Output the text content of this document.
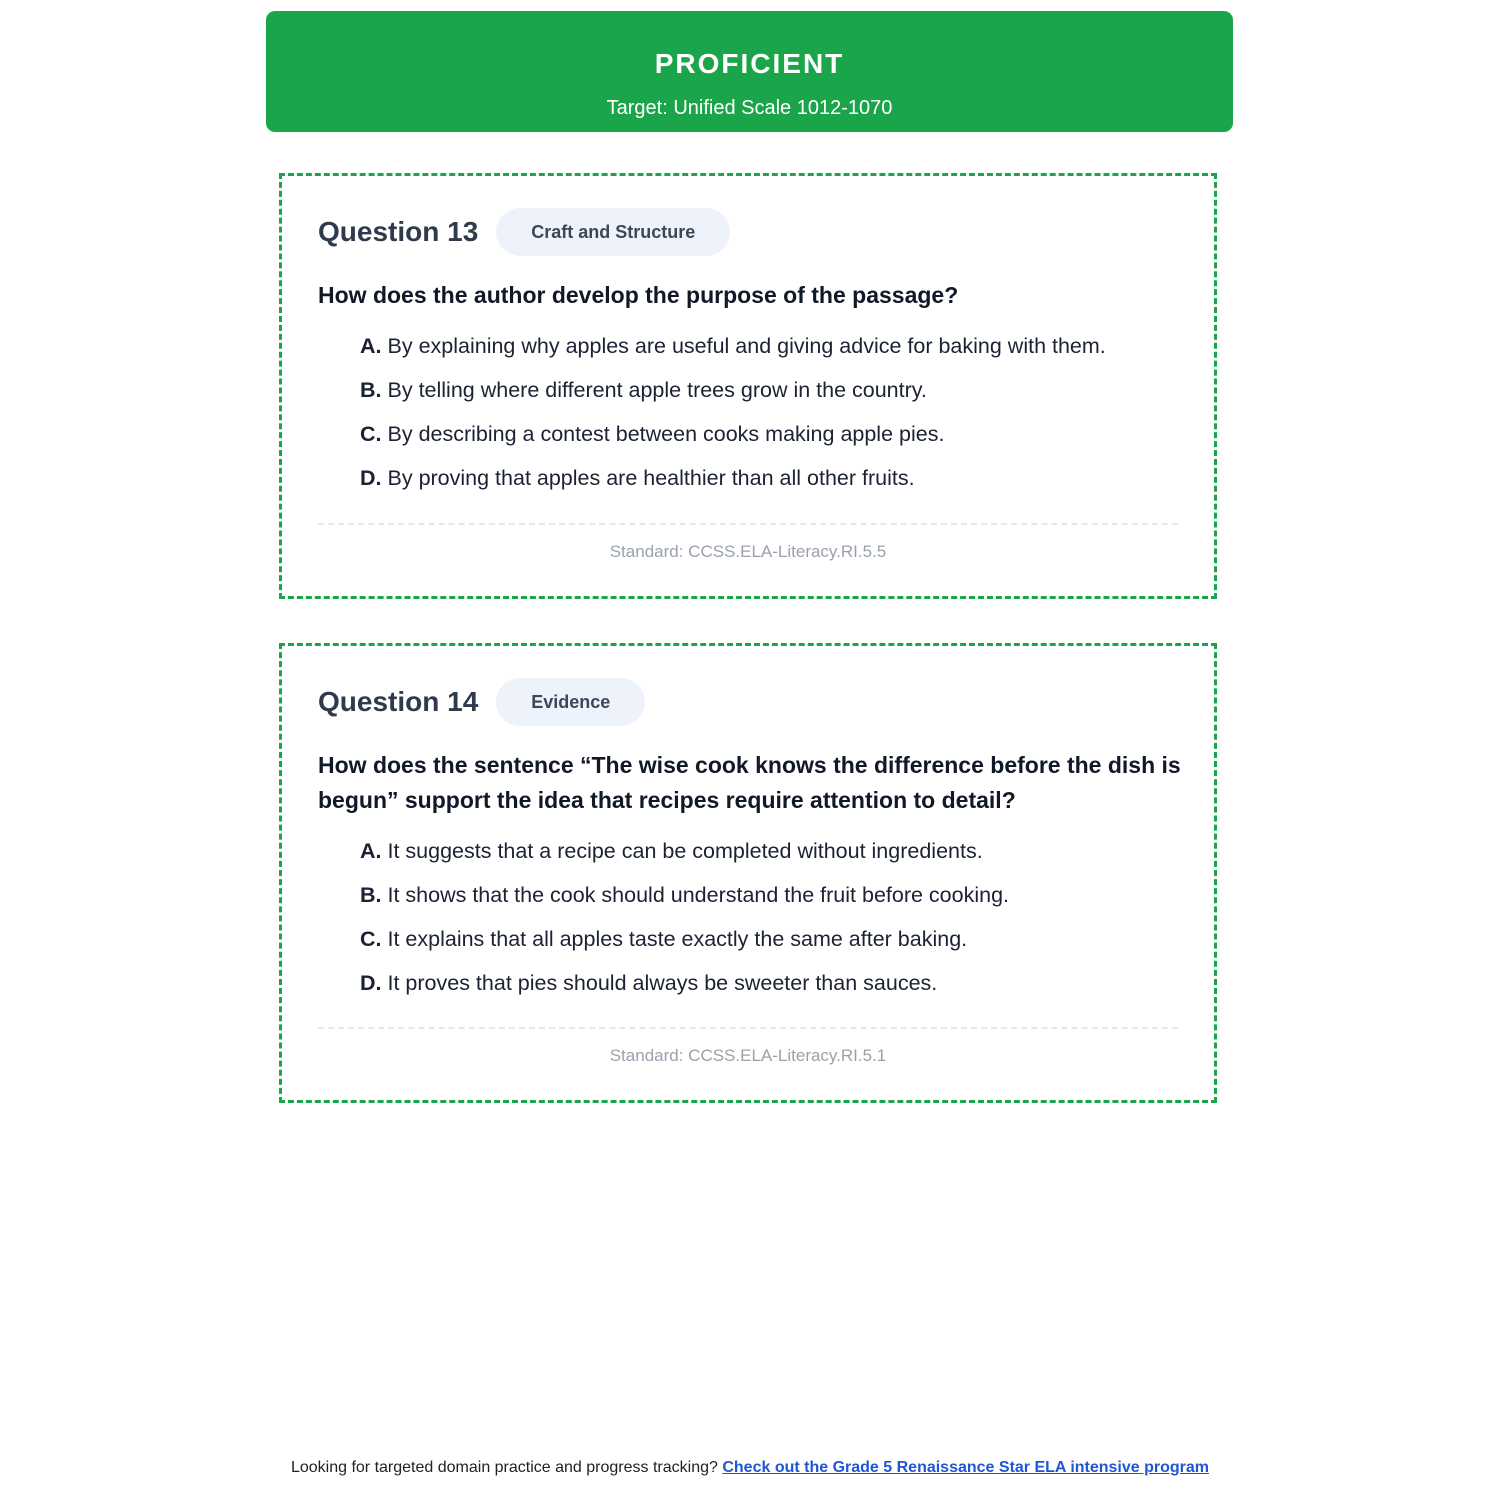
PROFICIENT
Target: Unified Scale 1012-1070
Question 13	Craft and Structure
How does the author develop the purpose of the passage?
A. By explaining why apples are useful and giving advice for baking with them.
B. By telling where different apple trees grow in the country.
C. By describing a contest between cooks making apple pies.
D. By proving that apples are healthier than all other fruits.
Standard: CCSS.ELA-Literacy.RI.5.5
Question 14	Evidence
How does the sentence “The wise cook knows the difference before the dish is begun” support the idea that recipes require attention to detail?
A. It suggests that a recipe can be completed without ingredients.
B. It shows that the cook should understand the fruit before cooking.
C. It explains that all apples taste exactly the same after baking.
D. It proves that pies should always be sweeter than sauces.
Standard: CCSS.ELA-Literacy.RI.5.1
Looking for targeted domain practice and progress tracking? Check out the Grade 5 Renaissance Star ELA intensive program
